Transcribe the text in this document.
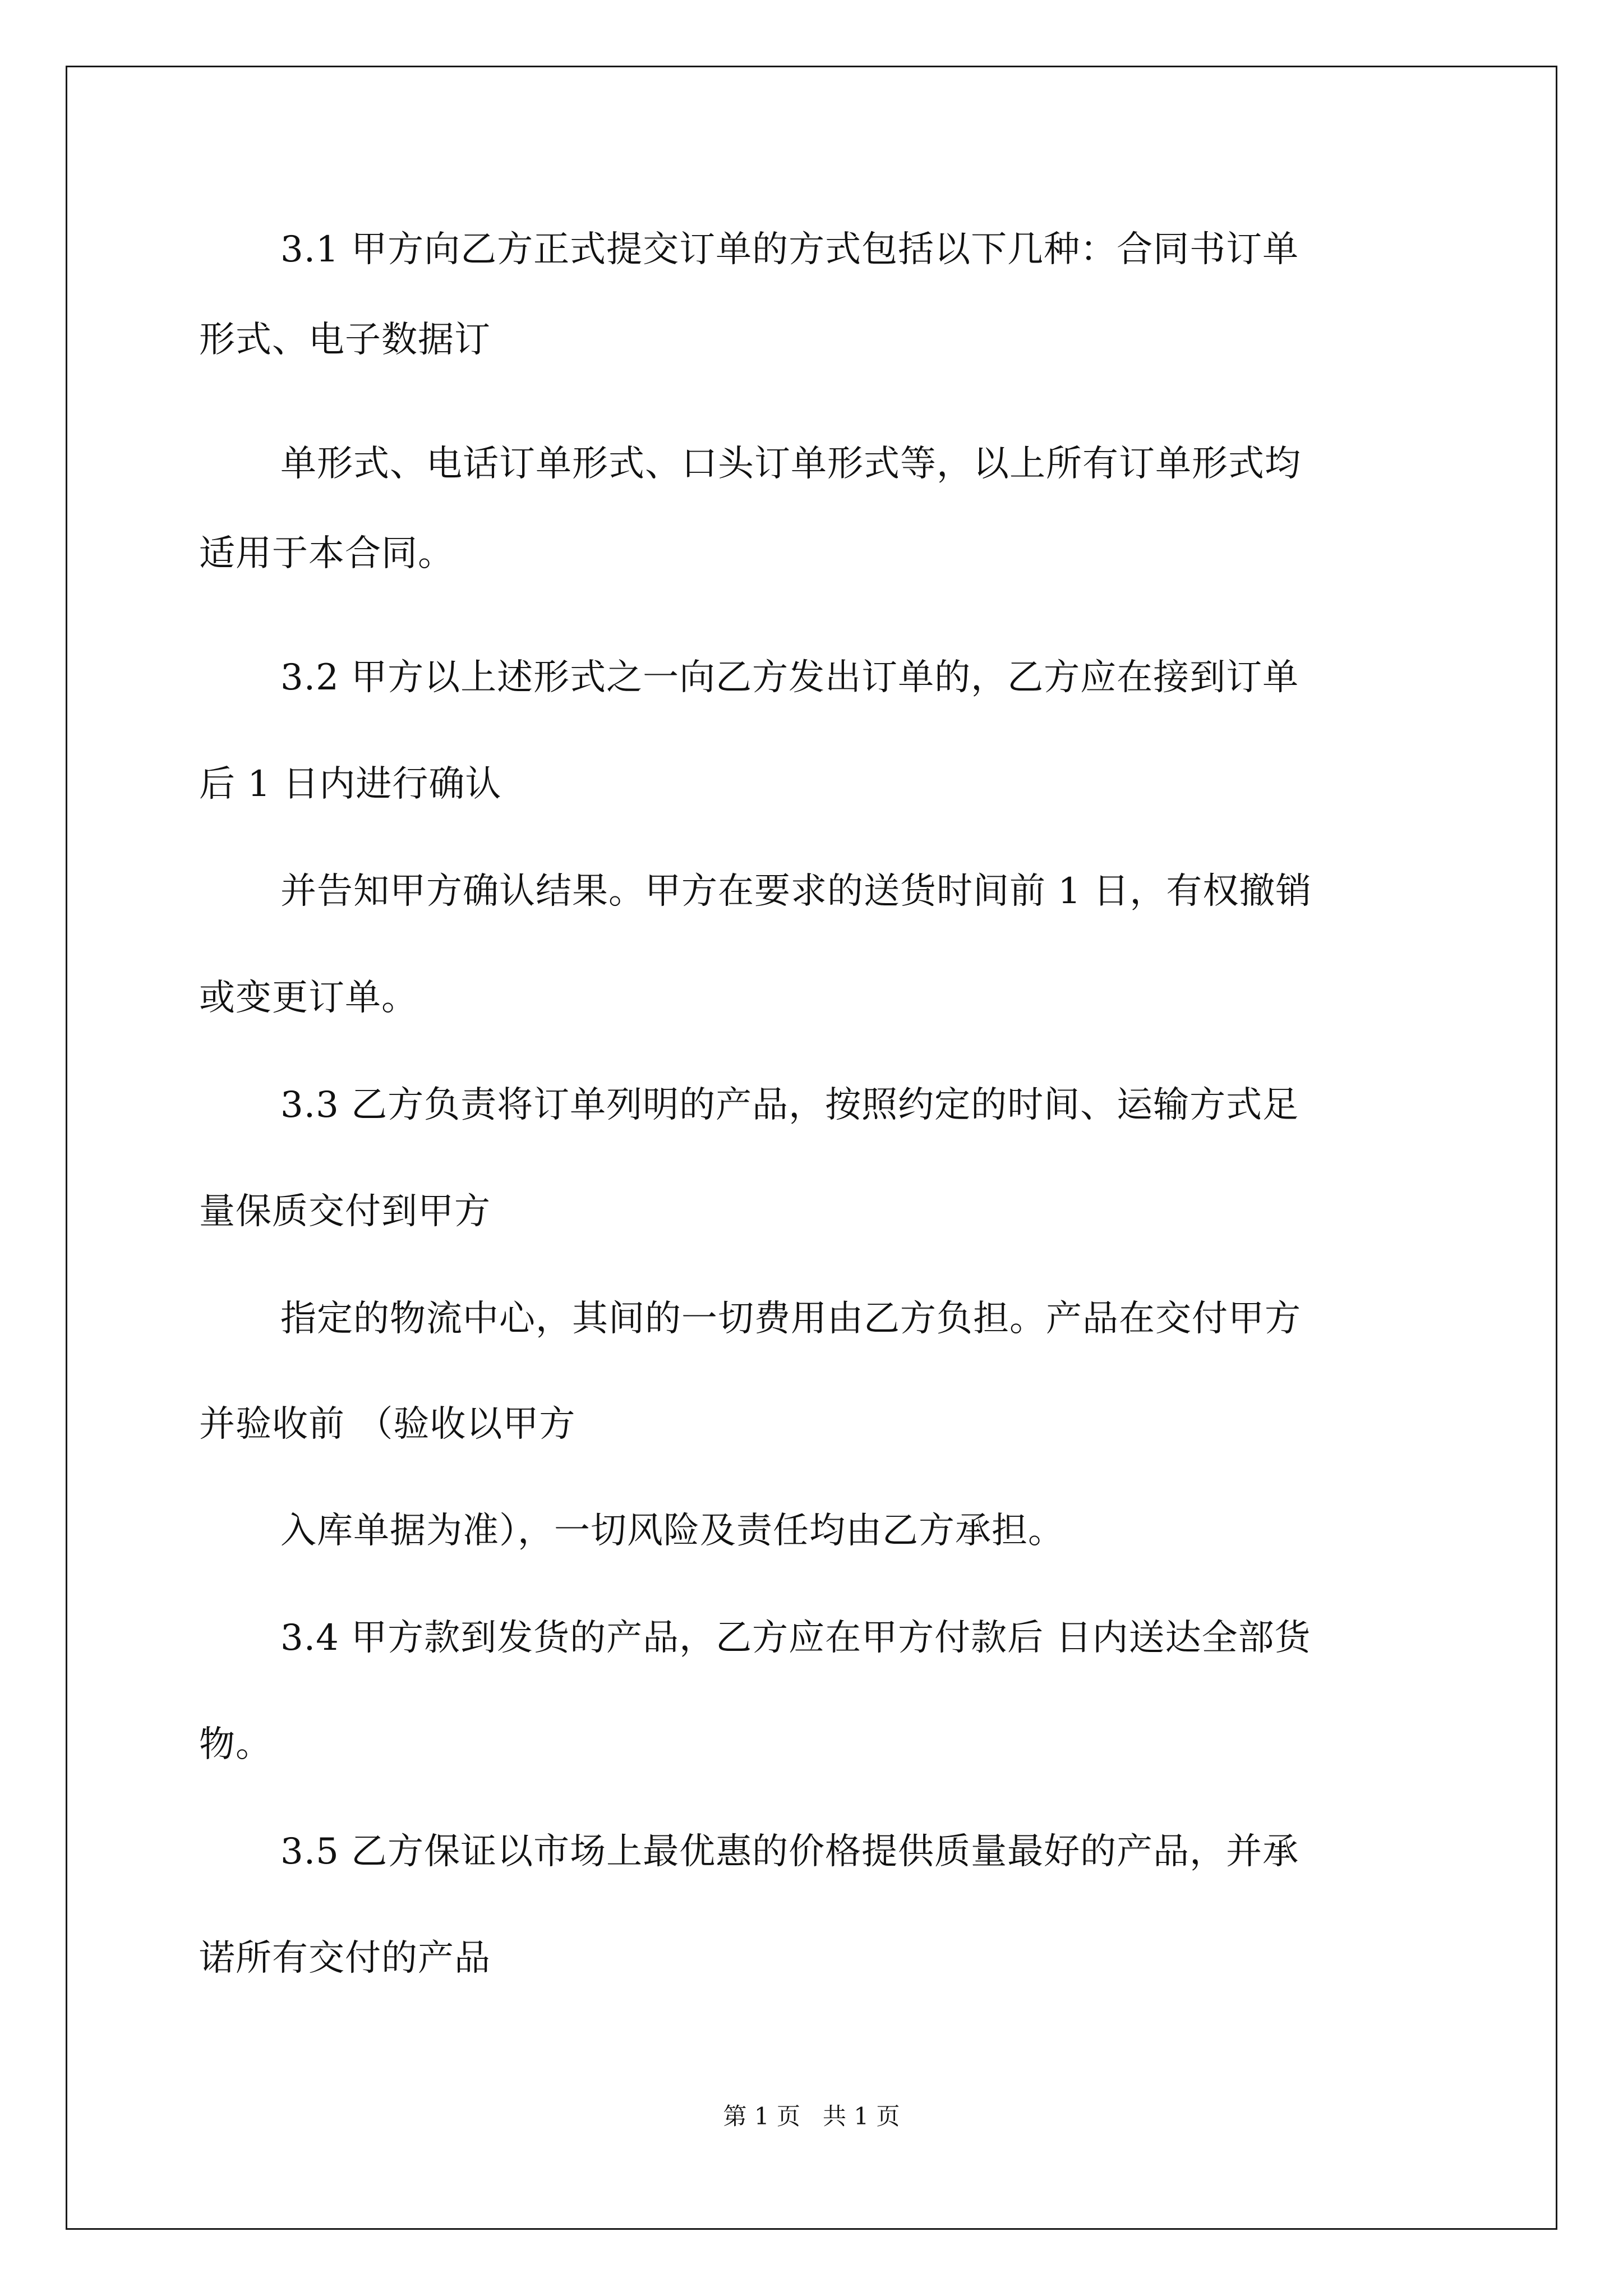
3.1 甲方向乙方正式提交订单的方式包括以下几种：合同书订单
形式、电子数据订
单形式、电话订单形式、口头订单形式等，以上所有订单形式均
适用于本合同。
3.2 甲方以上述形式之一向乙方发出订单的，乙方应在接到订单
后 1 日内进行确认
并告知甲方确认结果。甲方在要求的送货时间前 1 日，有权撤销
或变更订单。
3.3 乙方负责将订单列明的产品，按照约定的时间、运输方式足
量保质交付到甲方
指定的物流中心，其间的一切费用由乙方负担。产品在交付甲方
并验收前 （验收以甲方
入库单据为准），一切风险及责任均由乙方承担。
3.4 甲方款到发货的产品，乙方应在甲方付款后 日内送达全部货
物。
3.5 乙方保证以市场上最优惠的价格提供质量最好的产品，并承
诺所有交付的产品
第 1 页   共 1 页
